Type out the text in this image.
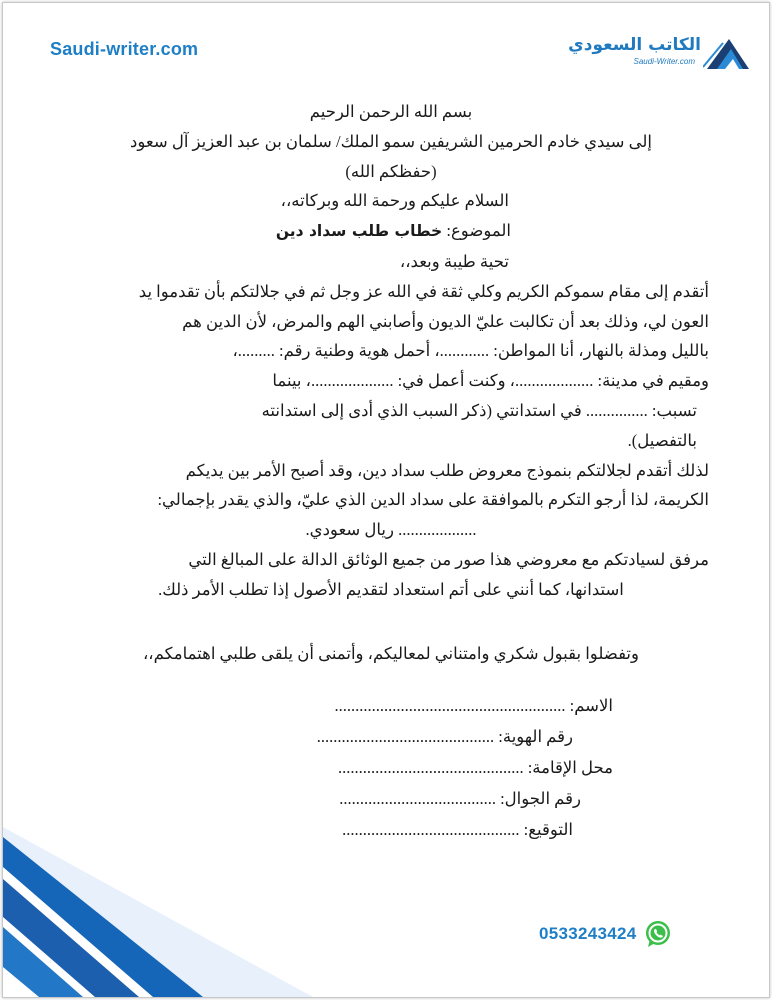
Saudi-writer.com	الكاتب السعودي
Saudi-Writer.com

بسم الله الرحمن الرحيم

إلى سيدي خادم الحرمين الشريفين سمو الملك/ سلمان بن عبد العزيز آل سعود

(حفظكم الله)

السلام عليكم ورحمة الله وبركاته،،

الموضوع: خطاب طلب سداد دين

تحية طيبة وبعد،،

أتقدم إلى مقام سموكم الكريم وكلي ثقة في الله عز وجل ثم في جلالتكم بأن تقدموا يد

العون لي، وذلك بعد أن تكالبت عليّ الديون وأصابني الهم والمرض، لأن الدين هم

بالليل ومذلة بالنهار، أنا المواطن: ............، أحمل هوية وطنية رقم: .........،

ومقيم في مدينة: ...................، وكنت أعمل في: ....................، بينما

تسبب: ............... في استدانتي (ذكر السبب الذي أدى إلى استدانته

بالتفصيل).

لذلك أتقدم لجلالتكم بنموذج معروض طلب سداد دين، وقد أصبح الأمر بين يديكم

الكريمة، لذا أرجو التكرم بالموافقة على سداد الدين الذي عليّ، والذي يقدر بإجمالي:

................... ريال سعودي.

مرفق لسيادتكم مع معروضي هذا صور من جميع الوثائق الدالة على المبالغ التي

استدانها، كما أنني على أتم استعداد لتقديم الأصول إذا تطلب الأمر ذلك.

وتفضلوا بقبول شكري وامتناني لمعاليكم، وأتمنى أن يلقى طلبي اهتمامكم،،

الاسم: ........................................................
رقم الهوية: ...........................................
محل الإقامة: .............................................
رقم الجوال: ......................................
التوقيع: ...........................................
0533243424
